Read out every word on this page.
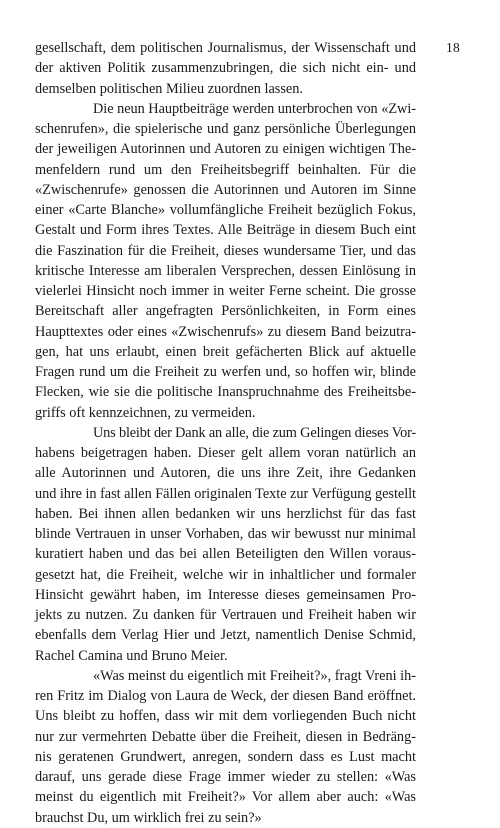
18
gesellschaft, dem politischen Journalismus, der Wissenschaft und
der aktiven Politik zusammenzubringen, die sich nicht ein- und
demselben politischen Milieu zuordnen lassen.
Die neun Hauptbeiträge werden unterbrochen von «Zwi-
schenrufen», die spielerische und ganz persönliche Überlegungen
der jeweiligen Autorinnen und Autoren zu einigen wichtigen The-
menfeldern rund um den Freiheitsbegriff beinhalten. Für die
«Zwischenrufe» genossen die Autorinnen und Autoren im Sinne
einer «Carte Blanche» vollumfängliche Freiheit bezüglich Fokus,
Gestalt und Form ihres Textes. Alle Beiträge in diesem Buch eint
die Faszination für die Freiheit, dieses wundersame Tier, und das
kritische Interesse am liberalen Versprechen, dessen Einlösung in
vielerlei Hinsicht noch immer in weiter Ferne scheint. Die grosse
Bereitschaft aller angefragten Persönlichkeiten, in Form eines
Haupttextes oder eines «Zwischenrufs» zu diesem Band beizutra-
gen, hat uns erlaubt, einen breit gefächerten Blick auf aktuelle
Fragen rund um die Freiheit zu werfen und, so hoffen wir, blinde
Flecken, wie sie die politische Inanspruchnahme des Freiheitsbe-
griffs oft kennzeichnen, zu vermeiden.
Uns bleibt der Dank an alle, die zum Gelingen dieses Vor-
habens beigetragen haben. Dieser gelt allem voran natürlich an
alle Autorinnen und Autoren, die uns ihre Zeit, ihre Gedanken
und ihre in fast allen Fällen originalen Texte zur Verfügung gestellt
haben. Bei ihnen allen bedanken wir uns herzlichst für das fast
blinde Vertrauen in unser Vorhaben, das wir bewusst nur minimal
kuratiert haben und das bei allen Beteiligten den Willen voraus-
gesetzt hat, die Freiheit, welche wir in inhaltlicher und formaler
Hinsicht gewährt haben, im Interesse dieses gemeinsamen Pro-
jekts zu nutzen. Zu danken für Vertrauen und Freiheit haben wir
ebenfalls dem Verlag Hier und Jetzt, namentlich Denise Schmid,
Rachel Camina und Bruno Meier.
«Was meinst du eigentlich mit Freiheit?», fragt Vreni ih-
ren Fritz im Dialog von Laura de Weck, der diesen Band eröffnet.
Uns bleibt zu hoffen, dass wir mit dem vorliegenden Buch nicht
nur zur vermehrten Debatte über die Freiheit, diesen in Bedräng-
nis geratenen Grundwert, anregen, sondern dass es Lust macht
darauf, uns gerade diese Frage immer wieder zu stellen: «Was
meinst du eigentlich mit Freiheit?» Vor allem aber auch: «Was
brauchst Du, um wirklich frei zu sein?»
